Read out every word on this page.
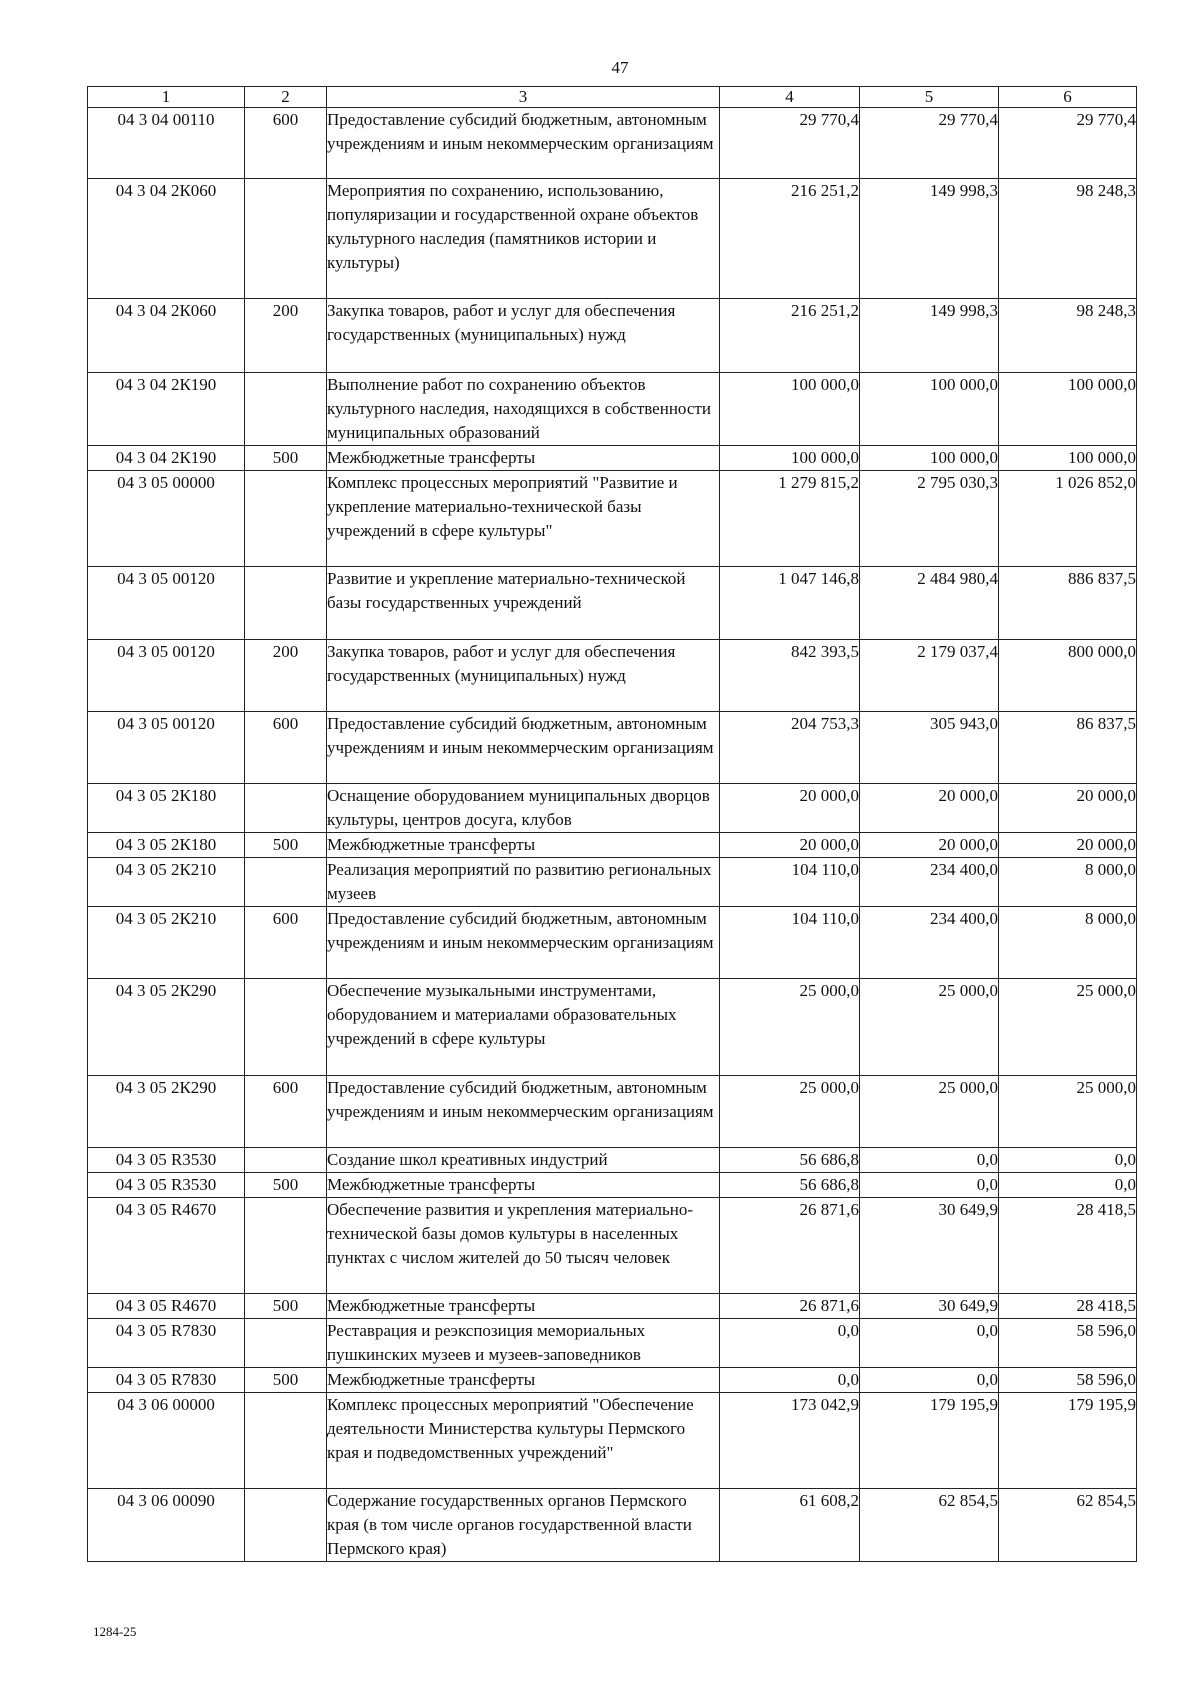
47
1	2	3	4	5	6
04 3 04 00110	600	Предоставление субсидий бюджетным, автономным учреждениям и иным некоммерческим организациям	29 770,4	29 770,4	29 770,4
04 3 04 2К060		Мероприятия по сохранению, использованию, популяризации и государственной охране объектов культурного наследия (памятников истории и культуры)	216 251,2	149 998,3	98 248,3
04 3 04 2К060	200	Закупка товаров, работ и услуг для обеспечения государственных (муниципальных) нужд	216 251,2	149 998,3	98 248,3
04 3 04 2К190		Выполнение работ по сохранению объектов культурного наследия, находящихся в собственности муниципальных образований	100 000,0	100 000,0	100 000,0
04 3 04 2К190	500	Межбюджетные трансферты	100 000,0	100 000,0	100 000,0
04 3 05 00000		Комплекс процессных мероприятий "Развитие и укрепление материально-технической базы учреждений в сфере культуры"	1 279 815,2	2 795 030,3	1 026 852,0
04 3 05 00120		Развитие и укрепление материально-технической базы государственных учреждений	1 047 146,8	2 484 980,4	886 837,5
04 3 05 00120	200	Закупка товаров, работ и услуг для обеспечения государственных (муниципальных) нужд	842 393,5	2 179 037,4	800 000,0
04 3 05 00120	600	Предоставление субсидий бюджетным, автономным учреждениям и иным некоммерческим организациям	204 753,3	305 943,0	86 837,5
04 3 05 2К180		Оснащение оборудованием муниципальных дворцов культуры, центров досуга, клубов	20 000,0	20 000,0	20 000,0
04 3 05 2К180	500	Межбюджетные трансферты	20 000,0	20 000,0	20 000,0
04 3 05 2К210		Реализация мероприятий по развитию региональных музеев	104 110,0	234 400,0	8 000,0
04 3 05 2К210	600	Предоставление субсидий бюджетным, автономным учреждениям и иным некоммерческим организациям	104 110,0	234 400,0	8 000,0
04 3 05 2К290		Обеспечение музыкальными инструментами, оборудованием и материалами образовательных учреждений в сфере культуры	25 000,0	25 000,0	25 000,0
04 3 05 2К290	600	Предоставление субсидий бюджетным, автономным учреждениям и иным некоммерческим организациям	25 000,0	25 000,0	25 000,0
04 3 05 R3530		Создание школ креативных индустрий	56 686,8	0,0	0,0
04 3 05 R3530	500	Межбюджетные трансферты	56 686,8	0,0	0,0
04 3 05 R4670		Обеспечение развития и укрепления материально-технической базы домов культуры в населенных пунктах с числом жителей до 50 тысяч человек	26 871,6	30 649,9	28 418,5
04 3 05 R4670	500	Межбюджетные трансферты	26 871,6	30 649,9	28 418,5
04 3 05 R7830		Реставрация и реэкспозиция мемориальных пушкинских музеев и музеев-заповедников	0,0	0,0	58 596,0
04 3 05 R7830	500	Межбюджетные трансферты	0,0	0,0	58 596,0
04 3 06 00000		Комплекс процессных мероприятий "Обеспечение деятельности Министерства культуры Пермского края и подведомственных учреждений"	173 042,9	179 195,9	179 195,9
04 3 06 00090		Содержание государственных органов Пермского края (в том числе органов государственной власти Пермского края)	61 608,2	62 854,5	62 854,5
1284-25
